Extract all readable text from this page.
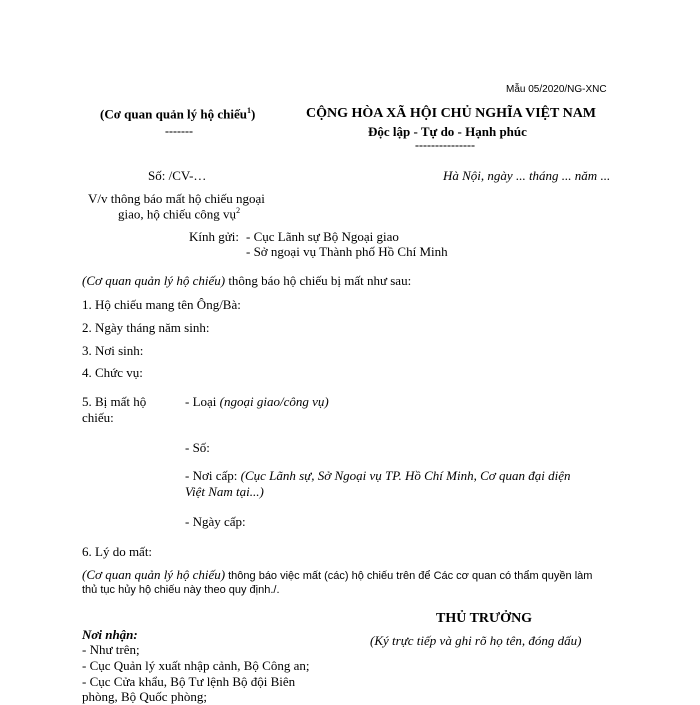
Mẫu 05/2020/NG-XNC
(Cơ quan quản lý hộ chiếu$^1$)
-------
CỘNG HÒA XÃ HỘI CHỦ NGHĨA VIỆT NAM
Độc lập - Tự do - Hạnh phúc
---------------
Số: /CV-…	Hà Nội, ngày ... tháng ... năm ...
V/v thông báo mất hộ chiếu ngoại
giao, hộ chiếu công vụ$^2$
Kính gửi: - Cục Lãnh sự Bộ Ngoại giao
- Sở ngoại vụ Thành phố Hồ Chí Minh
(Cơ quan quản lý hộ chiếu) thông báo hộ chiếu bị mất như sau:
1. Hộ chiếu mang tên Ông/Bà:
2. Ngày tháng năm sinh:
3. Nơi sinh:
4. Chức vụ:
5. Bị mất hộ
chiếu:
- Loại (ngoại giao/công vụ)
- Số:
- Nơi cấp: (Cục Lãnh sự, Sở Ngoại vụ TP. Hồ Chí Minh, Cơ quan đại diện
Việt Nam tại...)
- Ngày cấp:
6. Lý do mất:
(Cơ quan quản lý hộ chiếu) thông báo việc mất (các) hộ chiếu trên để Các cơ quan có thẩm quyền làm
thủ tục hủy hộ chiếu này theo quy định./.
THỦ TRƯỞNG
(Ký trực tiếp và ghi rõ họ tên, đóng dấu)
Nơi nhận:
- Như trên;
- Cục Quản lý xuất nhập cảnh, Bộ Công an;
- Cục Cửa khẩu, Bộ Tư lệnh Bộ đội Biên
phòng, Bộ Quốc phòng;
